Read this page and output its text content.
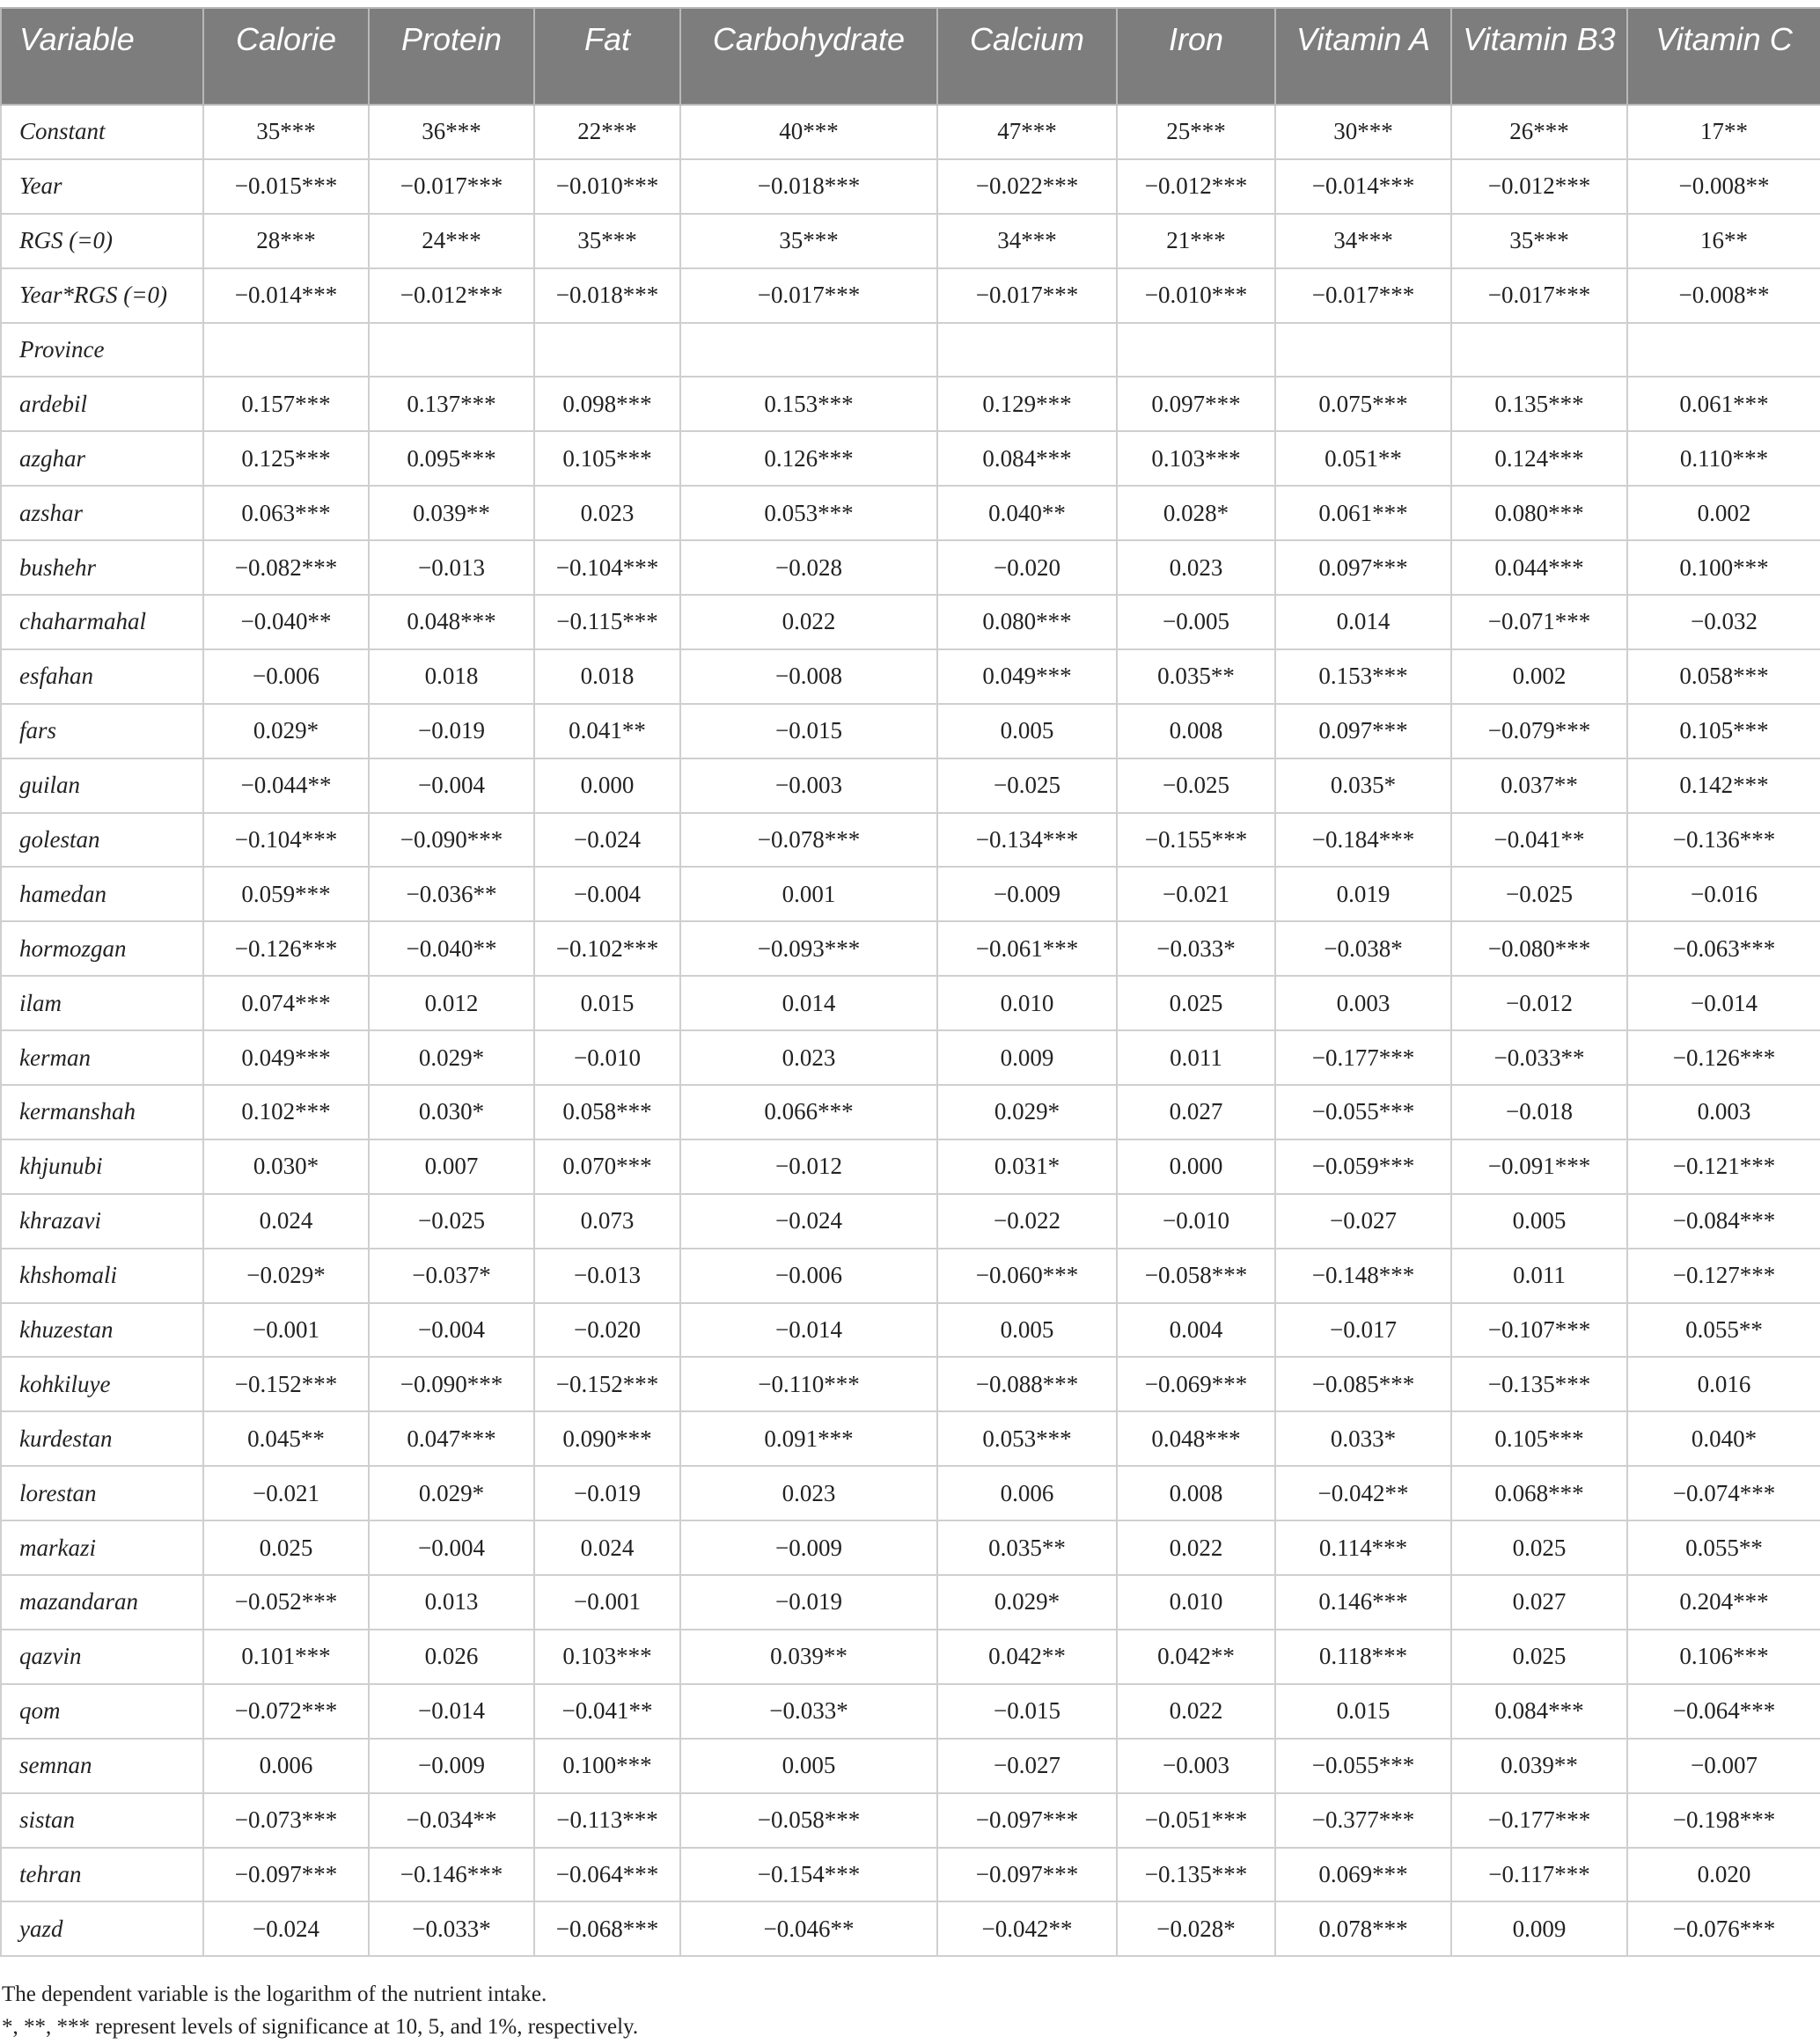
Variable	Calorie	Protein	Fat	Carbohydrate	Calcium	Iron	Vitamin A	Vitamin B3	Vitamin C
Constant	35***	36***	22***	40***	47***	25***	30***	26***	17**
Year	−0.015***	−0.017***	−0.010***	−0.018***	−0.022***	−0.012***	−0.014***	−0.012***	−0.008**
RGS (=0)	28***	24***	35***	35***	34***	21***	34***	35***	16**
Year*RGS (=0)	−0.014***	−0.012***	−0.018***	−0.017***	−0.017***	−0.010***	−0.017***	−0.017***	−0.008**
Province									
ardebil	0.157***	0.137***	0.098***	0.153***	0.129***	0.097***	0.075***	0.135***	0.061***
azghar	0.125***	0.095***	0.105***	0.126***	0.084***	0.103***	0.051**	0.124***	0.110***
azshar	0.063***	0.039**	0.023	0.053***	0.040**	0.028*	0.061***	0.080***	0.002
bushehr	−0.082***	−0.013	−0.104***	−0.028	−0.020	0.023	0.097***	0.044***	0.100***
chaharmahal	−0.040**	0.048***	−0.115***	0.022	0.080***	−0.005	0.014	−0.071***	−0.032
esfahan	−0.006	0.018	0.018	−0.008	0.049***	0.035**	0.153***	0.002	0.058***
fars	0.029*	−0.019	0.041**	−0.015	0.005	0.008	0.097***	−0.079***	0.105***
guilan	−0.044**	−0.004	0.000	−0.003	−0.025	−0.025	0.035*	0.037**	0.142***
golestan	−0.104***	−0.090***	−0.024	−0.078***	−0.134***	−0.155***	−0.184***	−0.041**	−0.136***
hamedan	0.059***	−0.036**	−0.004	0.001	−0.009	−0.021	0.019	−0.025	−0.016
hormozgan	−0.126***	−0.040**	−0.102***	−0.093***	−0.061***	−0.033*	−0.038*	−0.080***	−0.063***
ilam	0.074***	0.012	0.015	0.014	0.010	0.025	0.003	−0.012	−0.014
kerman	0.049***	0.029*	−0.010	0.023	0.009	0.011	−0.177***	−0.033**	−0.126***
kermanshah	0.102***	0.030*	0.058***	0.066***	0.029*	0.027	−0.055***	−0.018	0.003
khjunubi	0.030*	0.007	0.070***	−0.012	0.031*	0.000	−0.059***	−0.091***	−0.121***
khrazavi	0.024	−0.025	0.073	−0.024	−0.022	−0.010	−0.027	0.005	−0.084***
khshomali	−0.029*	−0.037*	−0.013	−0.006	−0.060***	−0.058***	−0.148***	0.011	−0.127***
khuzestan	−0.001	−0.004	−0.020	−0.014	0.005	0.004	−0.017	−0.107***	0.055**
kohkiluye	−0.152***	−0.090***	−0.152***	−0.110***	−0.088***	−0.069***	−0.085***	−0.135***	0.016
kurdestan	0.045**	0.047***	0.090***	0.091***	0.053***	0.048***	0.033*	0.105***	0.040*
lorestan	−0.021	0.029*	−0.019	0.023	0.006	0.008	−0.042**	0.068***	−0.074***
markazi	0.025	−0.004	0.024	−0.009	0.035**	0.022	0.114***	0.025	0.055**
mazandaran	−0.052***	0.013	−0.001	−0.019	0.029*	0.010	0.146***	0.027	0.204***
qazvin	0.101***	0.026	0.103***	0.039**	0.042**	0.042**	0.118***	0.025	0.106***
qom	−0.072***	−0.014	−0.041**	−0.033*	−0.015	0.022	0.015	0.084***	−0.064***
semnan	0.006	−0.009	0.100***	0.005	−0.027	−0.003	−0.055***	0.039**	−0.007
sistan	−0.073***	−0.034**	−0.113***	−0.058***	−0.097***	−0.051***	−0.377***	−0.177***	−0.198***
tehran	−0.097***	−0.146***	−0.064***	−0.154***	−0.097***	−0.135***	0.069***	−0.117***	0.020
yazd	−0.024	−0.033*	−0.068***	−0.046**	−0.042**	−0.028*	0.078***	0.009	−0.076***

The dependent variable is the logarithm of the nutrient intake.

*, **, *** represent levels of significance at 10, 5, and 1%, respectively.
